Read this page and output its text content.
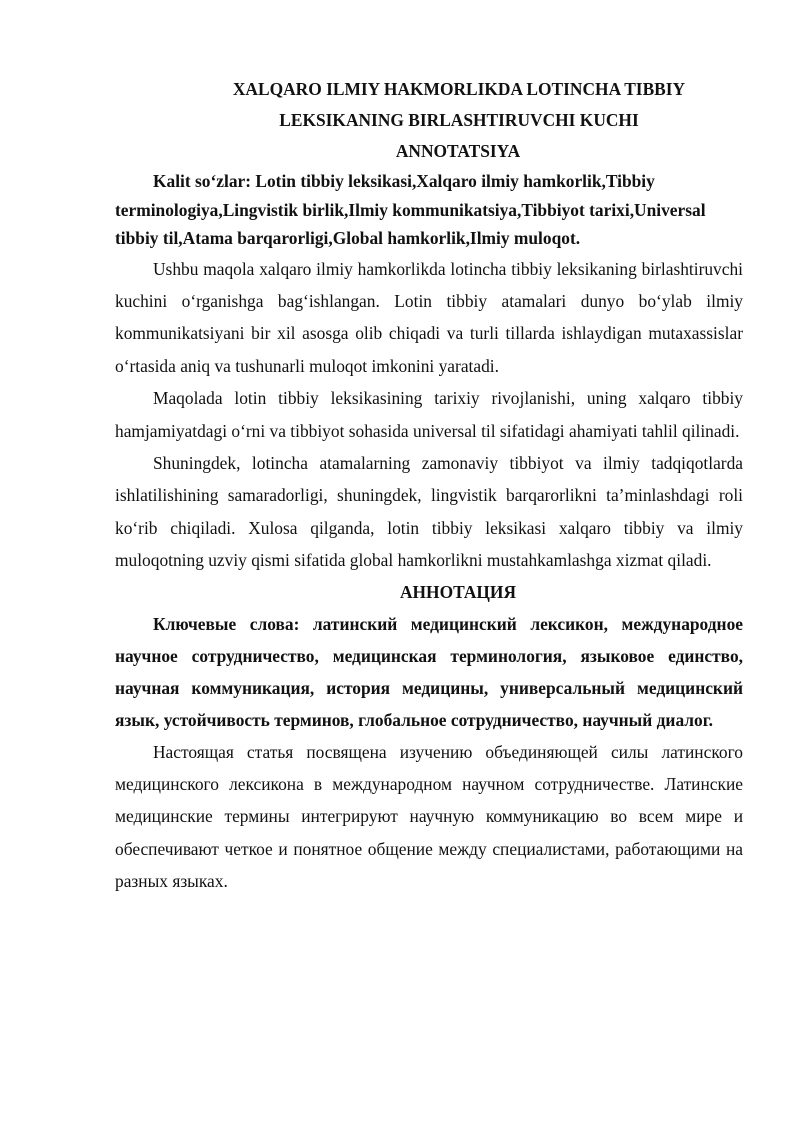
XALQARO ILMIY HAKMORLIKDA LOTINCHA TIBBIY

LEKSIKANING BIRLASHTIRUVCHI KUCHI

ANNOTATSIYA

Kalit so‘zlar: Lotin tibbiy leksikasi,Xalqaro ilmiy hamkorlik,Tibbiy terminologiya,Lingvistik birlik,Ilmiy kommunikatsiya,Tibbiyot tarixi,Universal tibbiy til,Atama barqarorligi,Global hamkorlik,Ilmiy muloqot.

Ushbu maqola xalqaro ilmiy hamkorlikda lotincha tibbiy leksikaning birlashtiruvchi kuchini o‘rganishga bag‘ishlangan. Lotin tibbiy atamalari dunyo bo‘ylab ilmiy kommunikatsiyani bir xil asosga olib chiqadi va turli tillarda ishlaydigan mutaxassislar o‘rtasida aniq va tushunarli muloqot imkonini yaratadi.

Maqolada lotin tibbiy leksikasining tarixiy rivojlanishi, uning xalqaro tibbiy hamjamiyatdagi o‘rni va tibbiyot sohasida universal til sifatidagi ahamiyati tahlil qilinadi.

Shuningdek, lotincha atamalarning zamonaviy tibbiyot va ilmiy tadqiqotlarda ishlatilishining samaradorligi, shuningdek, lingvistik barqarorlikni ta’minlashdagi roli ko‘rib chiqiladi. Xulosa qilganda, lotin tibbiy leksikasi xalqaro tibbiy va ilmiy muloqotning uzviy qismi sifatida global hamkorlikni mustahkamlashga xizmat qiladi.

АННОТАЦИЯ

Ключевые слова: латинский медицинский лексикон, международное научное сотрудничество, медицинская терминология, языковое единство, научная коммуникация, история медицины, универсальный медицинский язык, устойчивость терминов, глобальное сотрудничество, научный диалог.

Настоящая статья посвящена изучению объединяющей силы латинского медицинского лексикона в международном научном сотрудничестве. Латинские медицинские термины интегрируют научную коммуникацию во всем мире и обеспечивают четкое и понятное общение между специалистами, работающими на разных языках.
